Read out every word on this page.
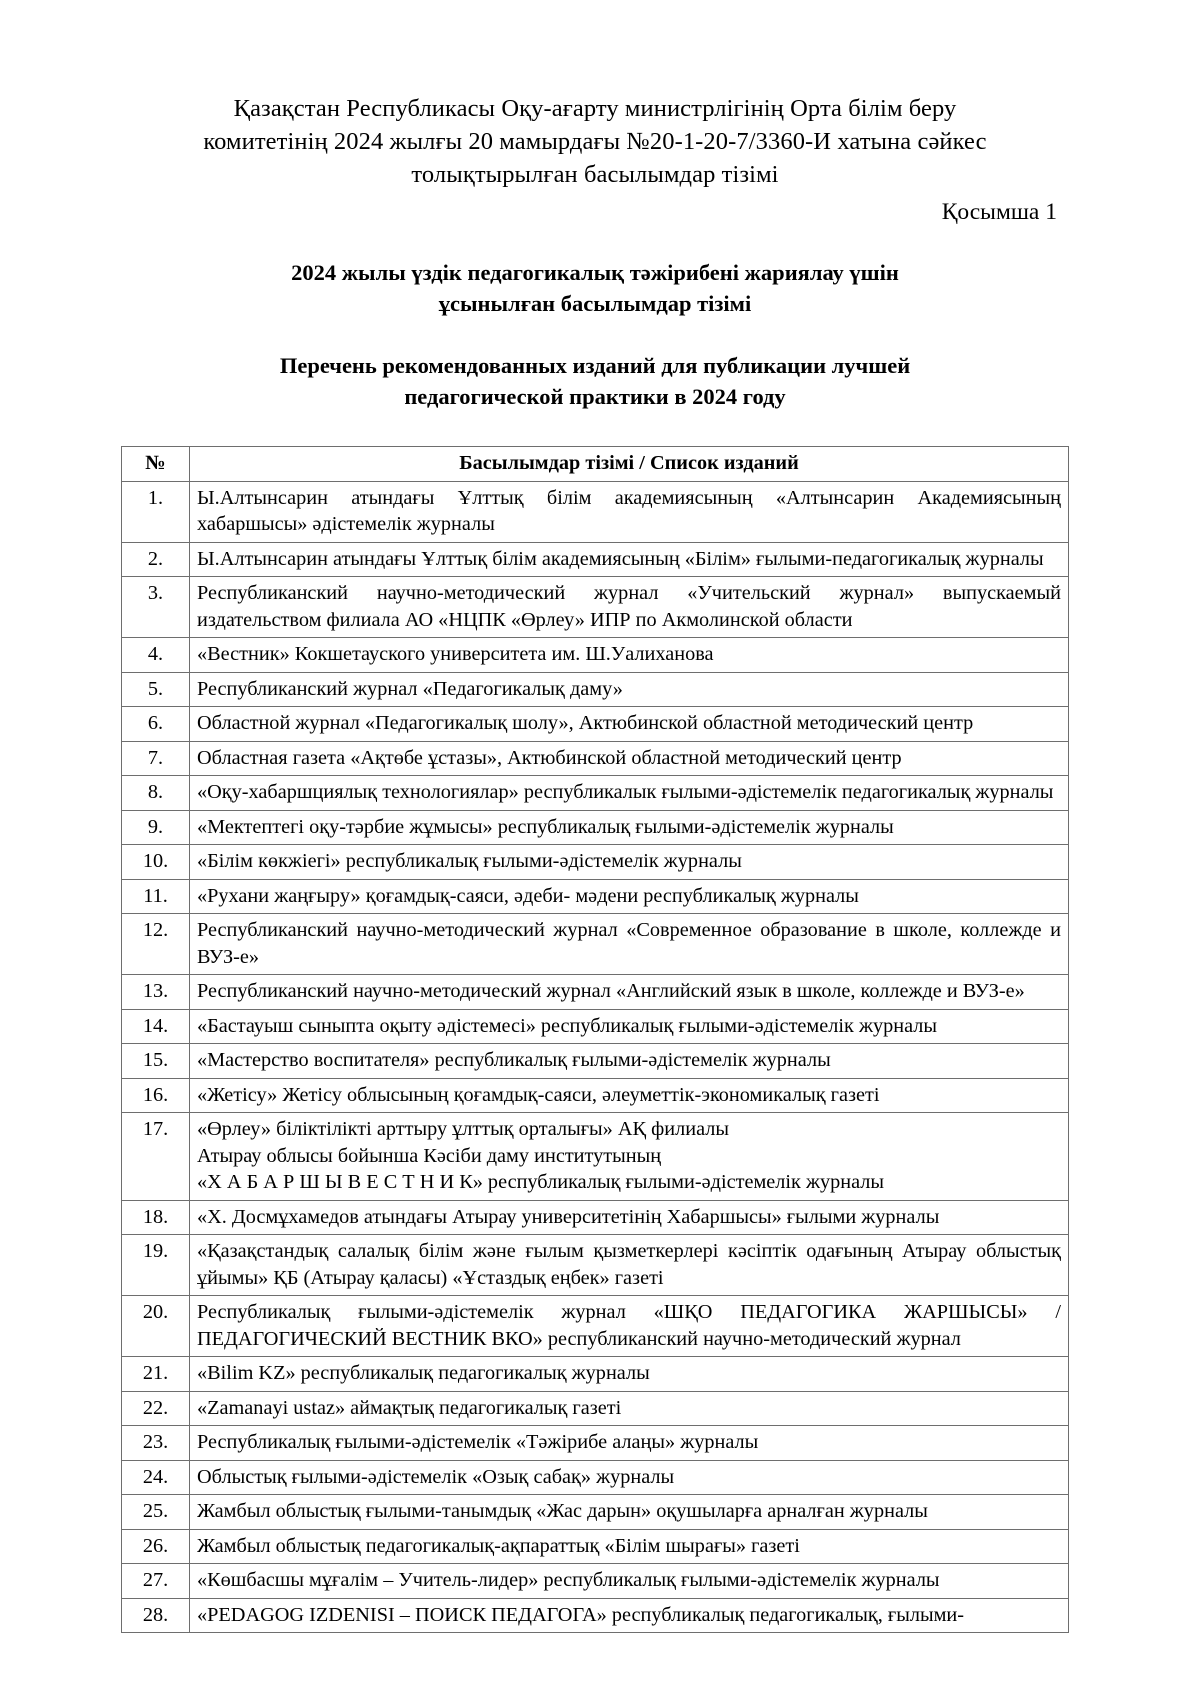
Қазақстан Республикасы Оқу-ағарту министрлігінің Орта білім беру
комитетінің 2024 жылғы 20 мамырдағы №20-1-20-7/3360-И хатына сәйкес
толықтырылған басылымдар тізімі
Қосымша 1
2024 жылы үздік педагогикалық тәжірибені жариялау үшін
ұсынылған басылымдар тізімі
Перечень рекомендованных изданий для публикации лучшей
педагогической практики в 2024 году
№	Басылымдар тізімі / Список изданий
1.	Ы.Алтынсарин атындағы Ұлттық білім академиясының «Алтынсарин Академиясының хабаршысы» әдістемелік журналы
2.	Ы.Алтынсарин атындағы Ұлттық білім академиясының «Білім» ғылыми-педагогикалық журналы
3.	Республиканский научно-методический журнал «Учительский журнал» выпускаемый издательством филиала АО «НЦПК «Өрлеу» ИПР по Акмолинской области
4.	«Вестник» Кокшетауского университета им. Ш.Уалиханова
5.	Республиканский журнал «Педагогикалық даму»
6.	Областной журнал «Педагогикалық шолу», Актюбинской областной методический центр
7.	Областная газета «Ақтөбе ұстазы», Актюбинской областной методический центр
8.	«Оқу-хабаршциялық технологиялар» республикалык ғылыми-әдістемелік педагогикалық журналы
9.	«Мектептегі оқу-тәрбие жұмысы» республикалық ғылыми-әдістемелік журналы
10.	«Білім көкжіегі» республикалық ғылыми-әдістемелік журналы
11.	«Рухани жаңғыру» қоғамдық-саяси, әдеби- мәдени республикалық журналы
12.	Республиканский научно-методический журнал «Современное образование в школе, коллежде и ВУЗ-е»
13.	Республиканский научно-методический журнал «Английский язык в школе, коллежде и ВУЗ-е»
14.	«Бастауыш сыныпта оқыту әдістемесі» республикалық ғылыми-әдістемелік журналы
15.	«Мастерство воспитателя» республикалық ғылыми-әдістемелік журналы
16.	«Жетісу» Жетісу облысының қоғамдық-саяси, әлеуметтік-экономикалық газеті
17.	«Өрлеу» біліктілікті арттыру ұлттық орталығы» АҚ филиалы
Атырау облысы бойынша Кәсіби даму институтының
«Х А Б А Р Ш Ы В Е С Т Н И К» республикалық ғылыми-әдістемелік журналы

18.	«Х. Досмұхамедов атындағы Атырау университетінің Хабаршысы» ғылыми журналы
19.	«Қазақстандық салалық білім және ғылым қызметкерлері кәсіптік одағының Атырау облыстық ұйымы» ҚБ (Атырау қаласы) «Ұстаздық еңбек» газеті
20.	Республикалық ғылыми-әдістемелік журнал «ШҚО ПЕДАГОГИКА ЖАРШЫСЫ» /ПЕДАГОГИЧЕСКИЙ ВЕСТНИК ВКО» республиканский научно-методический журнал
21.	«Bilim KZ» республикалық педагогикалық журналы
22.	«Zamanayi ustaz» аймақтық педагогикалық газеті
23.	Республикалық ғылыми-әдістемелік «Тәжірибе алаңы» журналы
24.	Облыстық ғылыми-әдістемелік «Озық сабақ» журналы
25.	Жамбыл облыстық ғылыми-танымдық «Жас дарын» оқушыларға арналған журналы
26.	Жамбыл облыстық педагогикалық-ақпараттық «Білім шырағы» газеті
27.	«Көшбасшы мұғалім – Учитель-лидер» республикалық ғылыми-әдістемелік журналы
28.	«PEDAGOG IZDENISI – ПОИСК ПЕДАГОГА» республикалық педагогикалық, ғылыми-
